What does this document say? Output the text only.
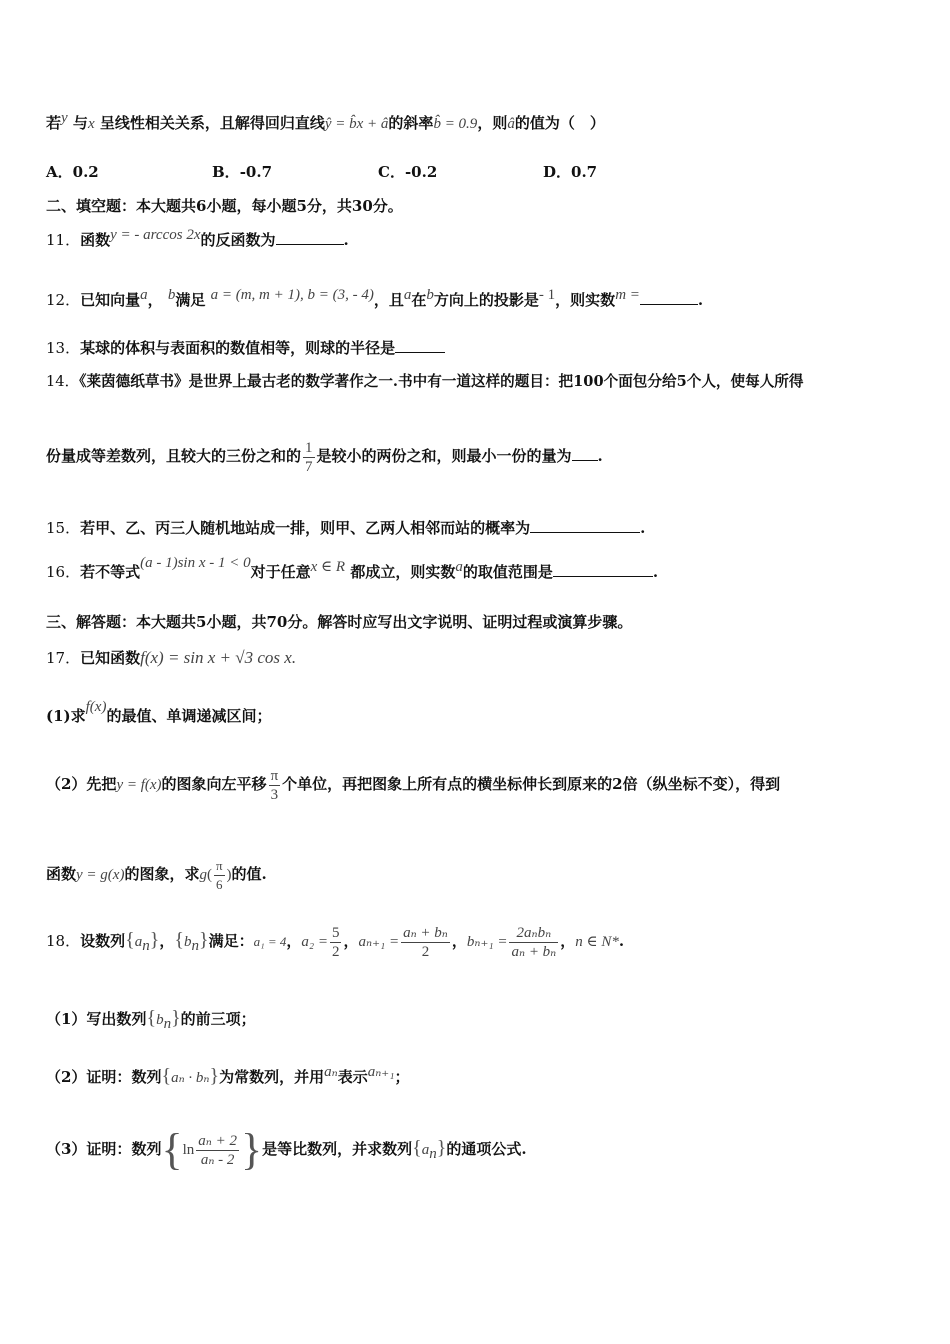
若y 与x 呈线性相关关系，且解得回归直线ŷ = b̂x + â的斜率b̂ = 0.9，则â的值为（　）
A．0.2	B．-0.7	C．-0.2	D．0.7
二、填空题：本大题共6小题，每小题5分，共30分。
11．函数y = - arccos 2x的反函数为	.
12．已知向量a， b满足 a = (m, m + 1), b = (3, - 4)，且a在b方向上的投影是- 1，则实数m =	.
13．某球的体积与表面积的数值相等，则球的半径是
14．《莱茵德纸草书》是世界上最古老的数学著作之一.书中有一道这样的题目：把100个面包分给5个人，使每人所得
份量成等差数列，且较大的三份之和的 $\frac{1}{7}$ 是较小的两份之和，则最小一份的量为 .
15．若甲、乙、丙三人随机地站成一排，则甲、乙两人相邻而站的概率为	.
16．若不等式(a - 1)sin x - 1 < 0对于任意x ∈ R 都成立，则实数a的取值范围是	.
三、解答题：本大题共5小题，共70分。解答时应写出文字说明、证明过程或演算步骤。
17．已知函数f(x) = sin x + √3 cos x.
(1)求f(x)的最值、单调递减区间；
（2）先把y = f(x)的图象向左平移 $\frac{\pi}{3}$ 个单位，再把图象上所有点的横坐标伸长到原来的2倍（纵坐标不变），得到
函数y = g(x)的图象，求$g( \frac{\pi}{6}$ )的值.
18．设数列$\{a_n\}$，$\{b_n\}$满足：a₁ = 4，$a_2 = \frac{5}{2}$ ，$a_{n+1} = \frac{\text{aₙ + bₙ}}{2}$ ，$b_{n+1} = \frac{\text{2aₙbₙ}}{\text{aₙ + bₙ}}$ ，n ∈ N*.
（1）写出数列$\{b_n\}$的前三项；
（2）证明：数列{aₙ · bₙ}为常数列，并用aₙ表示aₙ₊₁；
（3）证明：数列{$\ln \frac{\text{aₙ + 2}}{\text{aₙ - 2}}$ }是等比数列，并求数列$\{a_n\}$的通项公式.
